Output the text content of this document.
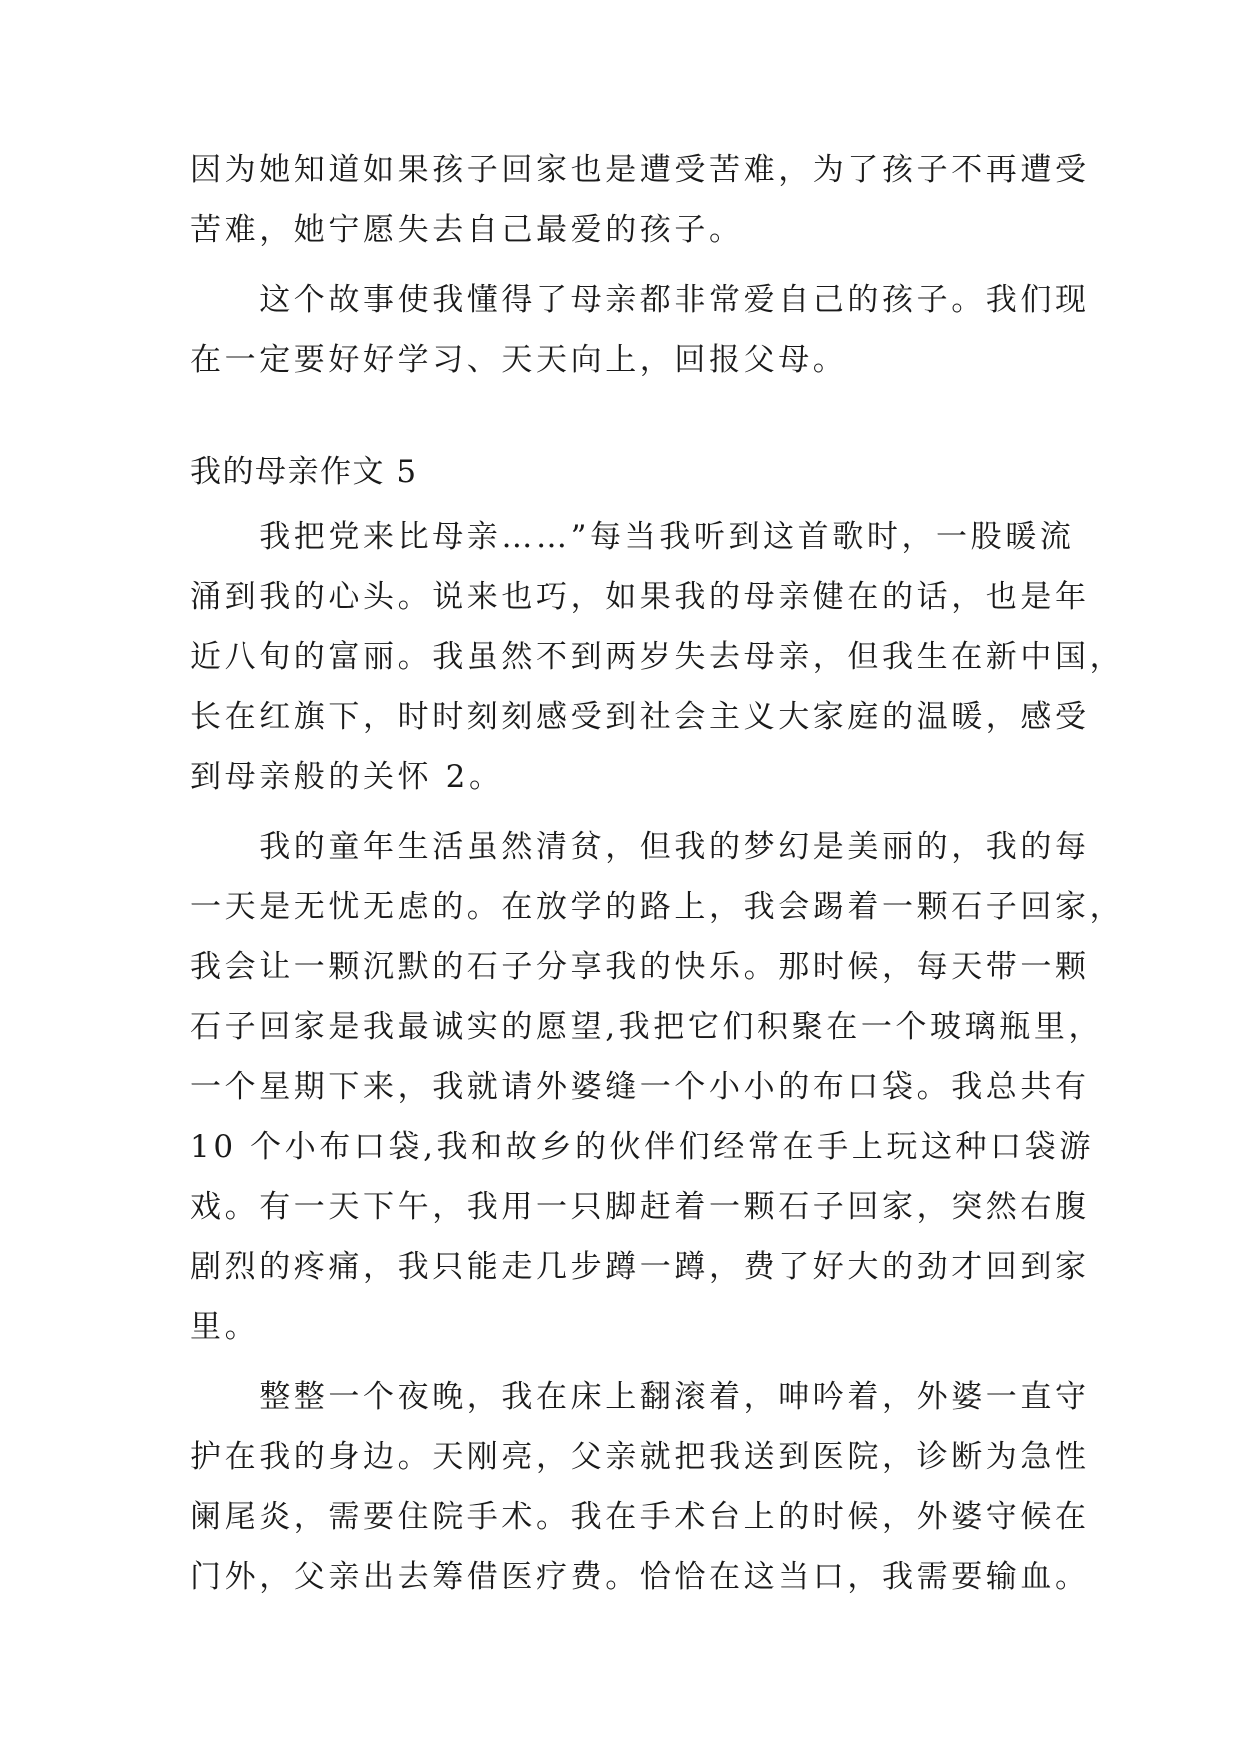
因为她知道如果孩子回家也是遭受苦难，为了孩子不再遭受
苦难，她宁愿失去自己最爱的孩子。
　　这个故事使我懂得了母亲都非常爱自己的孩子。我们现
在一定要好好学习、天天向上，回报父母。
我的母亲作文 5
　　我把党来比母亲……”每当我听到这首歌时，一股暖流
涌到我的心头。说来也巧，如果我的母亲健在的话，也是年
近八旬的富丽。我虽然不到两岁失去母亲，但我生在新中国，
长在红旗下，时时刻刻感受到社会主义大家庭的温暖，感受
到母亲般的关怀 2。
　　我的童年生活虽然清贫，但我的梦幻是美丽的，我的每
一天是无忧无虑的。在放学的路上，我会踢着一颗石子回家，
我会让一颗沉默的石子分享我的快乐。那时候，每天带一颗
石子回家是我最诚实的愿望,我把它们积聚在一个玻璃瓶里，
一个星期下来，我就请外婆缝一个小小的布口袋。我总共有
10 个小布口袋,我和故乡的伙伴们经常在手上玩这种口袋游
戏。有一天下午，我用一只脚赶着一颗石子回家，突然右腹
剧烈的疼痛，我只能走几步蹲一蹲，费了好大的劲才回到家
里。
　　整整一个夜晚，我在床上翻滚着，呻吟着，外婆一直守
护在我的身边。天刚亮，父亲就把我送到医院，诊断为急性
阑尾炎，需要住院手术。我在手术台上的时候，外婆守候在
门外，父亲出去筹借医疗费。恰恰在这当口，我需要输血。
